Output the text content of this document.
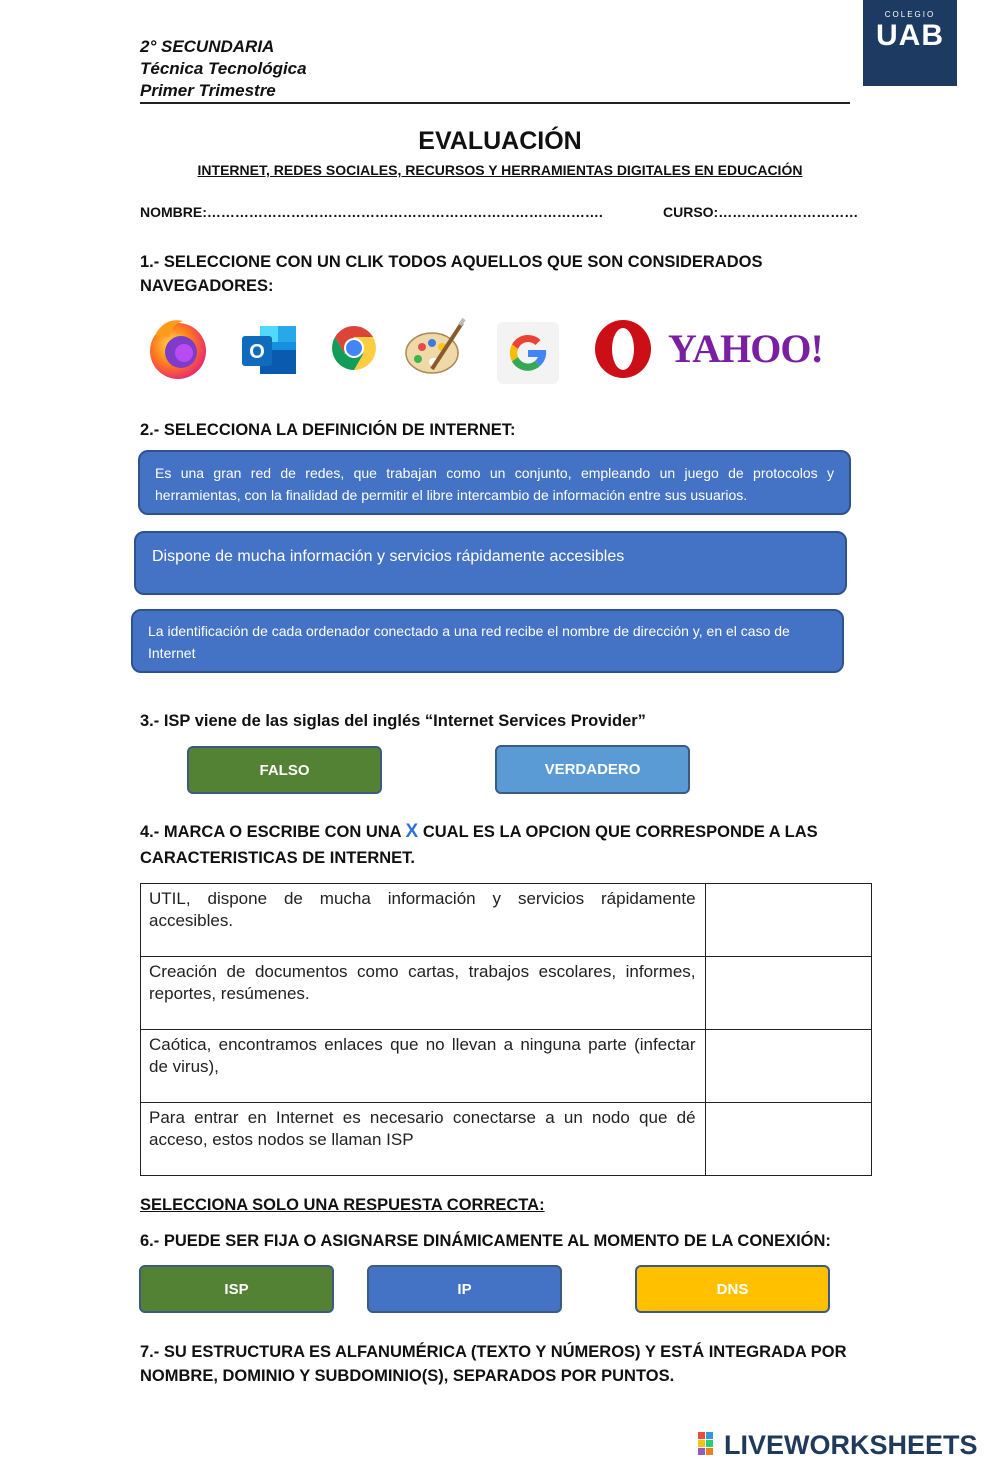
2° SECUNDARIA
Técnica Tecnológica
Primer Trimestre
COLEGIO
UAB
EVALUACIÓN
INTERNET, REDES SOCIALES, RECURSOS Y HERRAMIENTAS DIGITALES EN EDUCACIÓN
NOMBRE:………………………………………………………………………….	CURSO:…………………………
1.- SELECCIONE CON UN CLIK TODOS AQUELLOS QUE SON CONSIDERADOS
NAVEGADORES:
O	YAHOO!
2.- SELECCIONA LA DEFINICIÓN DE INTERNET:
Es una gran red de redes, que trabajan como un conjunto, empleando un juego de protocolos y herramientas, con la finalidad de permitir el libre intercambio de información entre sus usuarios.
Dispone de mucha información y servicios rápidamente accesibles
La identificación de cada ordenador conectado a una red recibe el nombre de dirección y, en el caso de Internet
3.- ISP viene de las siglas del inglés “Internet Services Provider”
FALSO	VERDADERO
4.- MARCA O ESCRIBE CON UNA X CUAL ES LA OPCION QUE CORRESPONDE A LAS
CARACTERISTICAS DE INTERNET.
UTIL, dispone de mucha información y servicios rápidamente accesibles.	
Creación de documentos como cartas, trabajos escolares, informes, reportes, resúmenes.	
Caótica, encontramos enlaces que no llevan a ninguna parte (infectar de virus),	
Para entrar en Internet es necesario conectarse a un nodo que dé acceso, estos nodos se llaman ISP	
SELECCIONA SOLO UNA RESPUESTA CORRECTA:
6.- PUEDE SER FIJA O ASIGNARSE DINÁMICAMENTE AL MOMENTO DE LA CONEXIÓN:
ISP	IP	DNS
7.- SU ESTRUCTURA ES ALFANUMÉRICA (TEXTO Y NÚMEROS) Y ESTÁ INTEGRADA POR
NOMBRE, DOMINIO Y SUBDOMINIO(S), SEPARADOS POR PUNTOS.
LIVEWORKSHEETS
